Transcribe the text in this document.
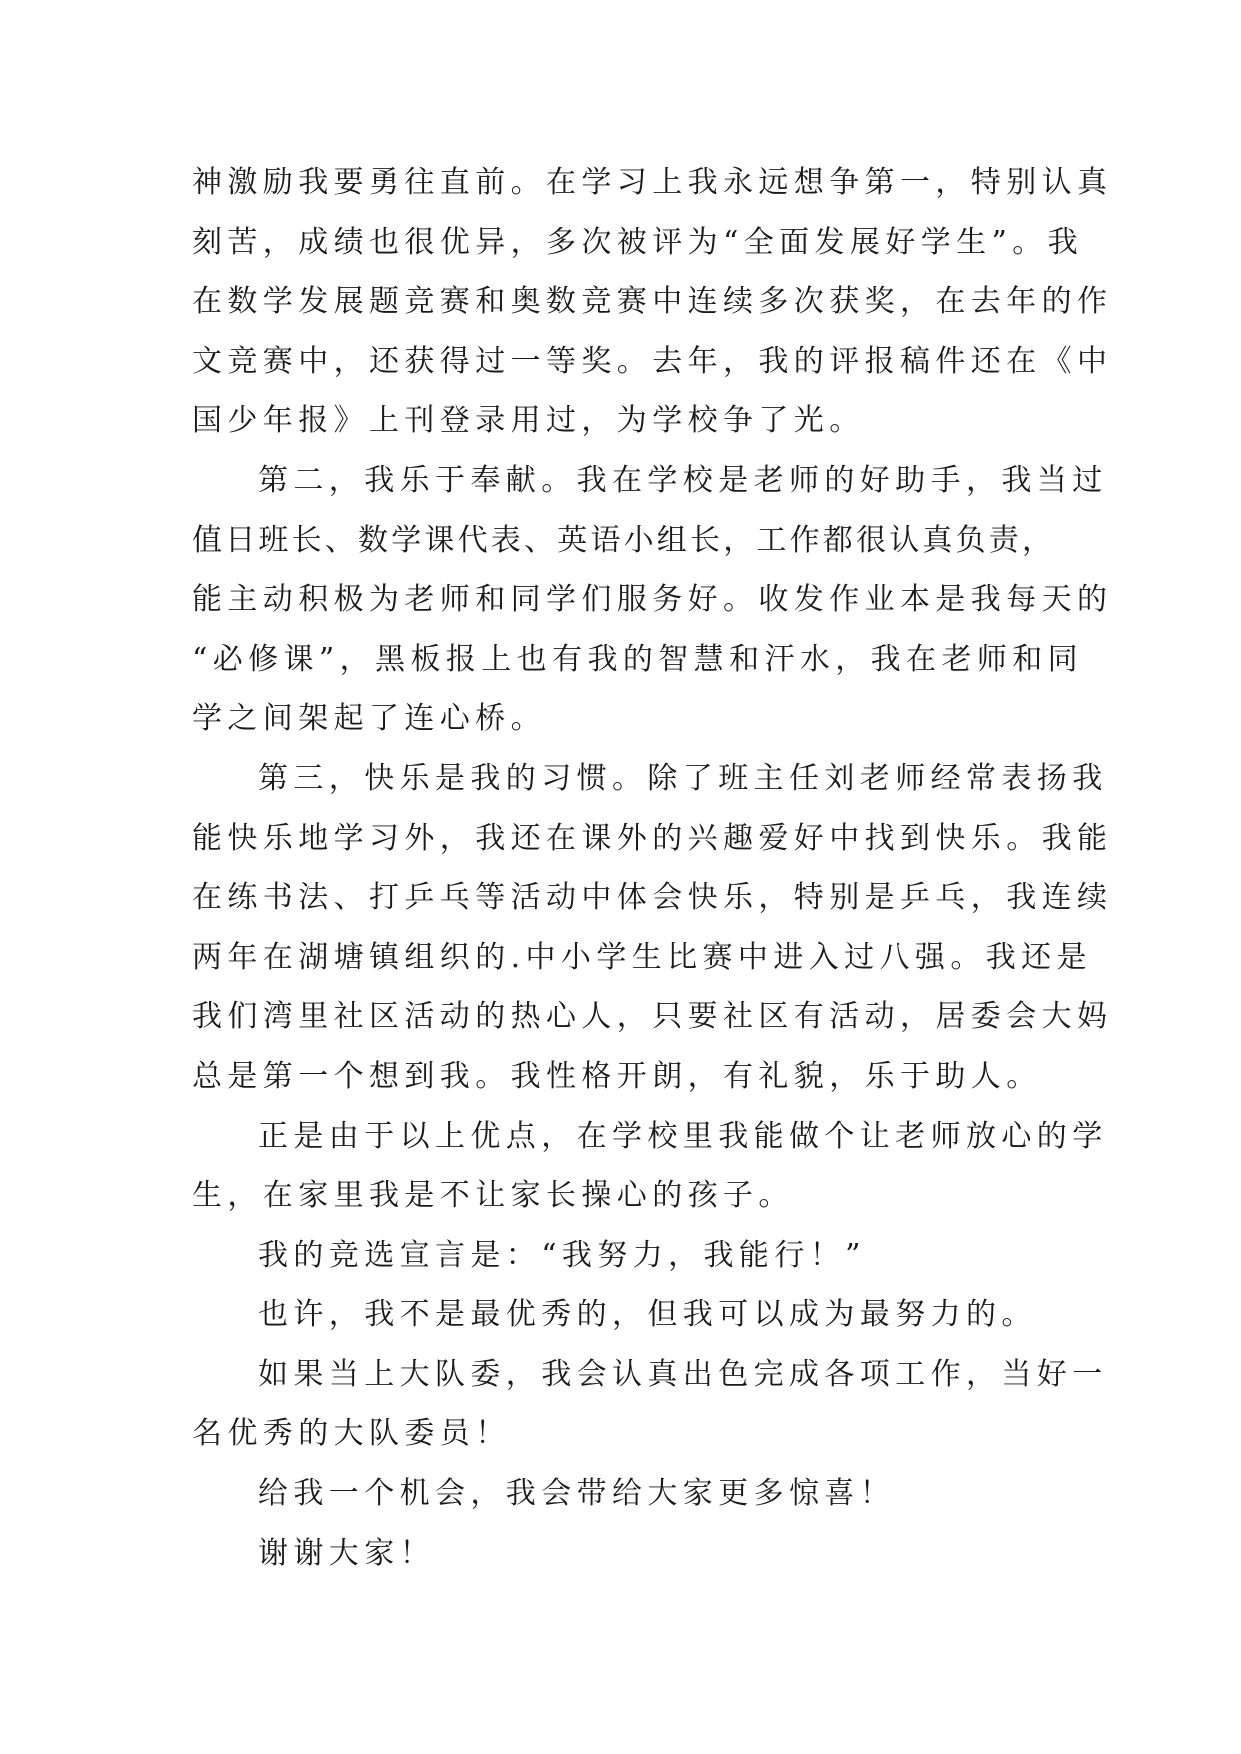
神激励我要勇往直前。在学习上我永远想争第一，特别认真
刻苦，成绩也很优异，多次被评为“全面发展好学生”。我
在数学发展题竞赛和奥数竞赛中连续多次获奖，在去年的作
文竞赛中，还获得过一等奖。去年，我的评报稿件还在《中
国少年报》上刊登录用过，为学校争了光。
第二，我乐于奉献。我在学校是老师的好助手，我当过
值日班长、数学课代表、英语小组长，工作都很认真负责，
能主动积极为老师和同学们服务好。收发作业本是我每天的
“必修课”，黑板报上也有我的智慧和汗水，我在老师和同
学之间架起了连心桥。
第三，快乐是我的习惯。除了班主任刘老师经常表扬我
能快乐地学习外，我还在课外的兴趣爱好中找到快乐。我能
在练书法、打乒乓等活动中体会快乐，特别是乒乓，我连续
两年在湖塘镇组织的.中小学生比赛中进入过八强。我还是
我们湾里社区活动的热心人，只要社区有活动，居委会大妈
总是第一个想到我。我性格开朗，有礼貌，乐于助人。
正是由于以上优点，在学校里我能做个让老师放心的学
生，在家里我是不让家长操心的孩子。
我的竞选宣言是：“我努力，我能行！”
也许，我不是最优秀的，但我可以成为最努力的。
如果当上大队委，我会认真出色完成各项工作，当好一
名优秀的大队委员！
给我一个机会，我会带给大家更多惊喜！
谢谢大家！
